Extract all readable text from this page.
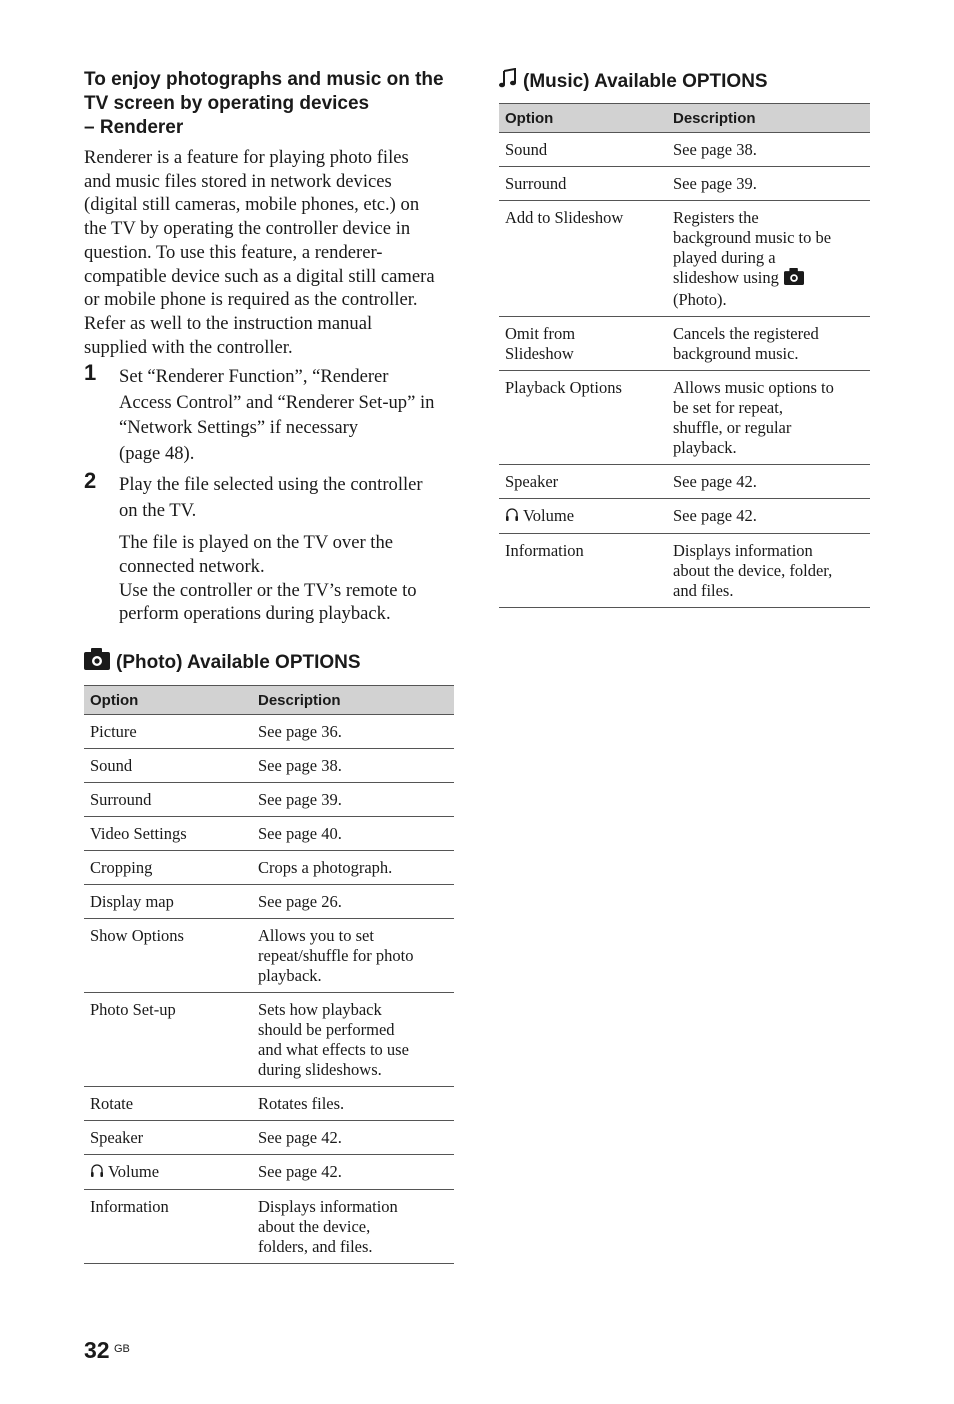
To enjoy photographs and music on the
TV screen by operating devices
– Renderer

Renderer is a feature for playing photo files
and music files stored in network devices
(digital still cameras, mobile phones, etc.) on
the TV by operating the controller device in
question. To use this feature, a renderer-
compatible device such as a digital still camera
or mobile phone is required as the controller.
Refer as well to the instruction manual
supplied with the controller.

1 Set “Renderer Function”, “Renderer
Access Control” and “Renderer Set-up” in
“Network Settings” if necessary
(page 48).
2 Play the file selected using the controller
on the TV.
The file is played on the TV over the
connected network.
Use the controller or the TV’s remote to
perform operations during playback.
(Photo) Available OPTIONS
Option	Description
Picture	See page 36.
Sound	See page 38.
Surround	See page 39.
Video Settings	See page 40.
Cropping	Crops a photograph.
Display map	See page 26.
Show Options	Allows you to set
repeat/shuffle for photo
playback.
Photo Set-up	Sets how playback
should be performed
and what effects to use
during slideshows.
Rotate	Rotates files.
Speaker	See page 42.
Volume	See page 42.
Information	Displays information
about the device,
folders, and files.
(Music) Available OPTIONS
Option	Description
Sound	See page 38.
Surround	See page 39.
Add to Slideshow	Registers the
background music to be
played during a
slideshow using
(Photo).
Omit from
Slideshow	Cancels the registered
background music.
Playback Options	Allows music options to
be set for repeat,
shuffle, or regular
playback.
Speaker	See page 42.
Volume	See page 42.
Information	Displays information
about the device, folder,
and files.
32 GB
